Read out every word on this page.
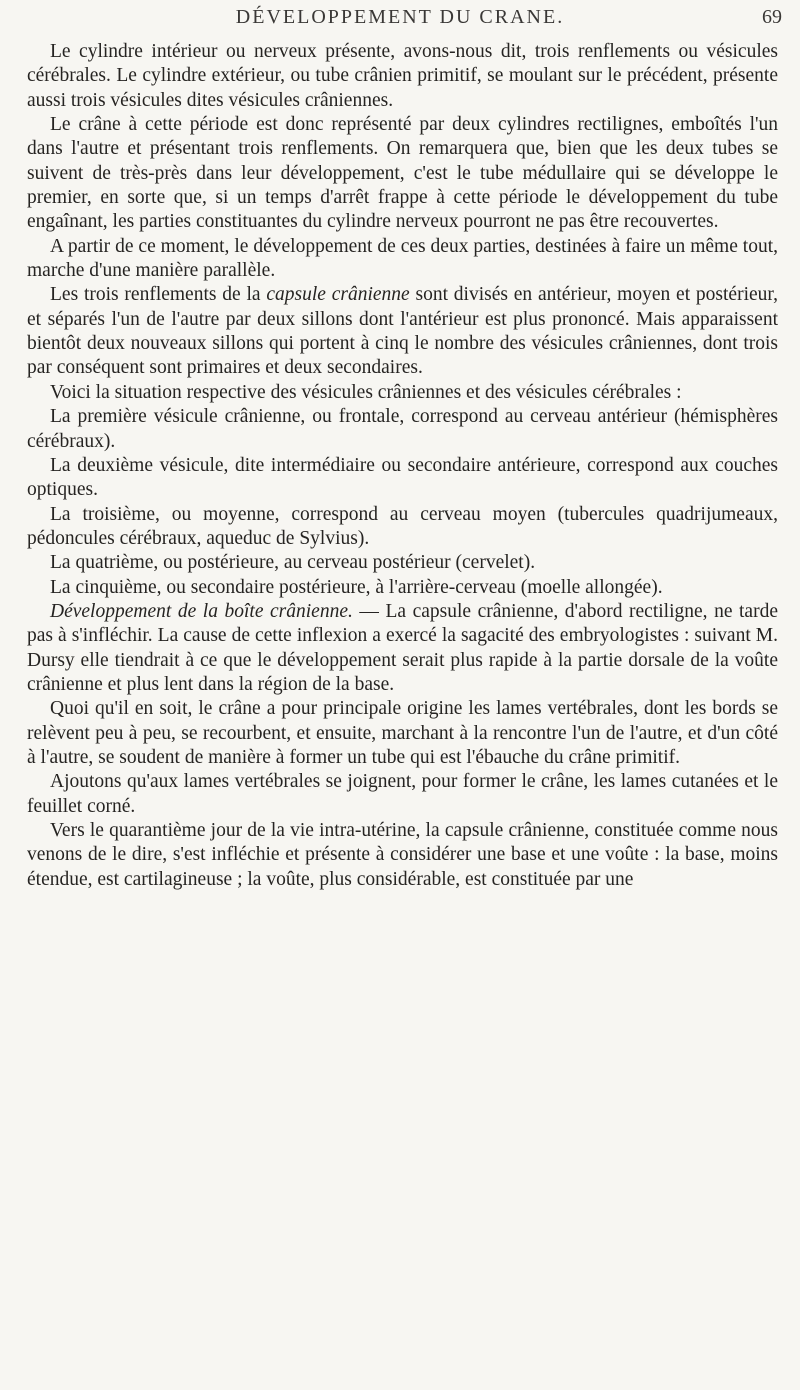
DÉVELOPPEMENT DU CRANE.	69

Le cylindre intérieur ou nerveux présente, avons-nous dit, trois renflements ou vésicules cérébrales. Le cylindre extérieur, ou tube crânien primitif, se moulant sur le précédent, présente aussi trois vésicules dites vésicules crâniennes.

Le crâne à cette période est donc représenté par deux cylindres rectilignes, emboîtés l'un dans l'autre et présentant trois renflements. On remarquera que, bien que les deux tubes se suivent de très-près dans leur développement, c'est le tube médullaire qui se développe le premier, en sorte que, si un temps d'arrêt frappe à cette période le développement du tube engaînant, les parties constituantes du cylindre nerveux pourront ne pas être recouvertes.

A partir de ce moment, le développement de ces deux parties, destinées à faire un même tout, marche d'une manière parallèle.

Les trois renflements de la capsule crânienne sont divisés en antérieur, moyen et postérieur, et séparés l'un de l'autre par deux sillons dont l'antérieur est plus prononcé. Mais apparaissent bientôt deux nouveaux sillons qui portent à cinq le nombre des vésicules crâniennes, dont trois par conséquent sont primaires et deux secondaires.

Voici la situation respective des vésicules crâniennes et des vésicules cérébrales :

La première vésicule crânienne, ou frontale, correspond au cerveau antérieur (hémisphères cérébraux).

La deuxième vésicule, dite intermédiaire ou secondaire antérieure, correspond aux couches optiques.

La troisième, ou moyenne, correspond au cerveau moyen (tubercules quadrijumeaux, pédoncules cérébraux, aqueduc de Sylvius).

La quatrième, ou postérieure, au cerveau postérieur (cervelet).

La cinquième, ou secondaire postérieure, à l'arrière-cerveau (moelle allongée).

Développement de la boîte crânienne. — La capsule crânienne, d'abord rectiligne, ne tarde pas à s'infléchir. La cause de cette inflexion a exercé la sagacité des embryologistes : suivant M. Dursy elle tiendrait à ce que le développement serait plus rapide à la partie dorsale de la voûte crânienne et plus lent dans la région de la base.

Quoi qu'il en soit, le crâne a pour principale origine les lames vertébrales, dont les bords se relèvent peu à peu, se recourbent, et ensuite, marchant à la rencontre l'un de l'autre, et d'un côté à l'autre, se soudent de manière à former un tube qui est l'ébauche du crâne primitif.

Ajoutons qu'aux lames vertébrales se joignent, pour former le crâne, les lames cutanées et le feuillet corné.

Vers le quarantième jour de la vie intra-utérine, la capsule crânienne, constituée comme nous venons de le dire, s'est infléchie et présente à considérer une base et une voûte : la base, moins étendue, est cartilagineuse ; la voûte, plus considérable, est constituée par une
